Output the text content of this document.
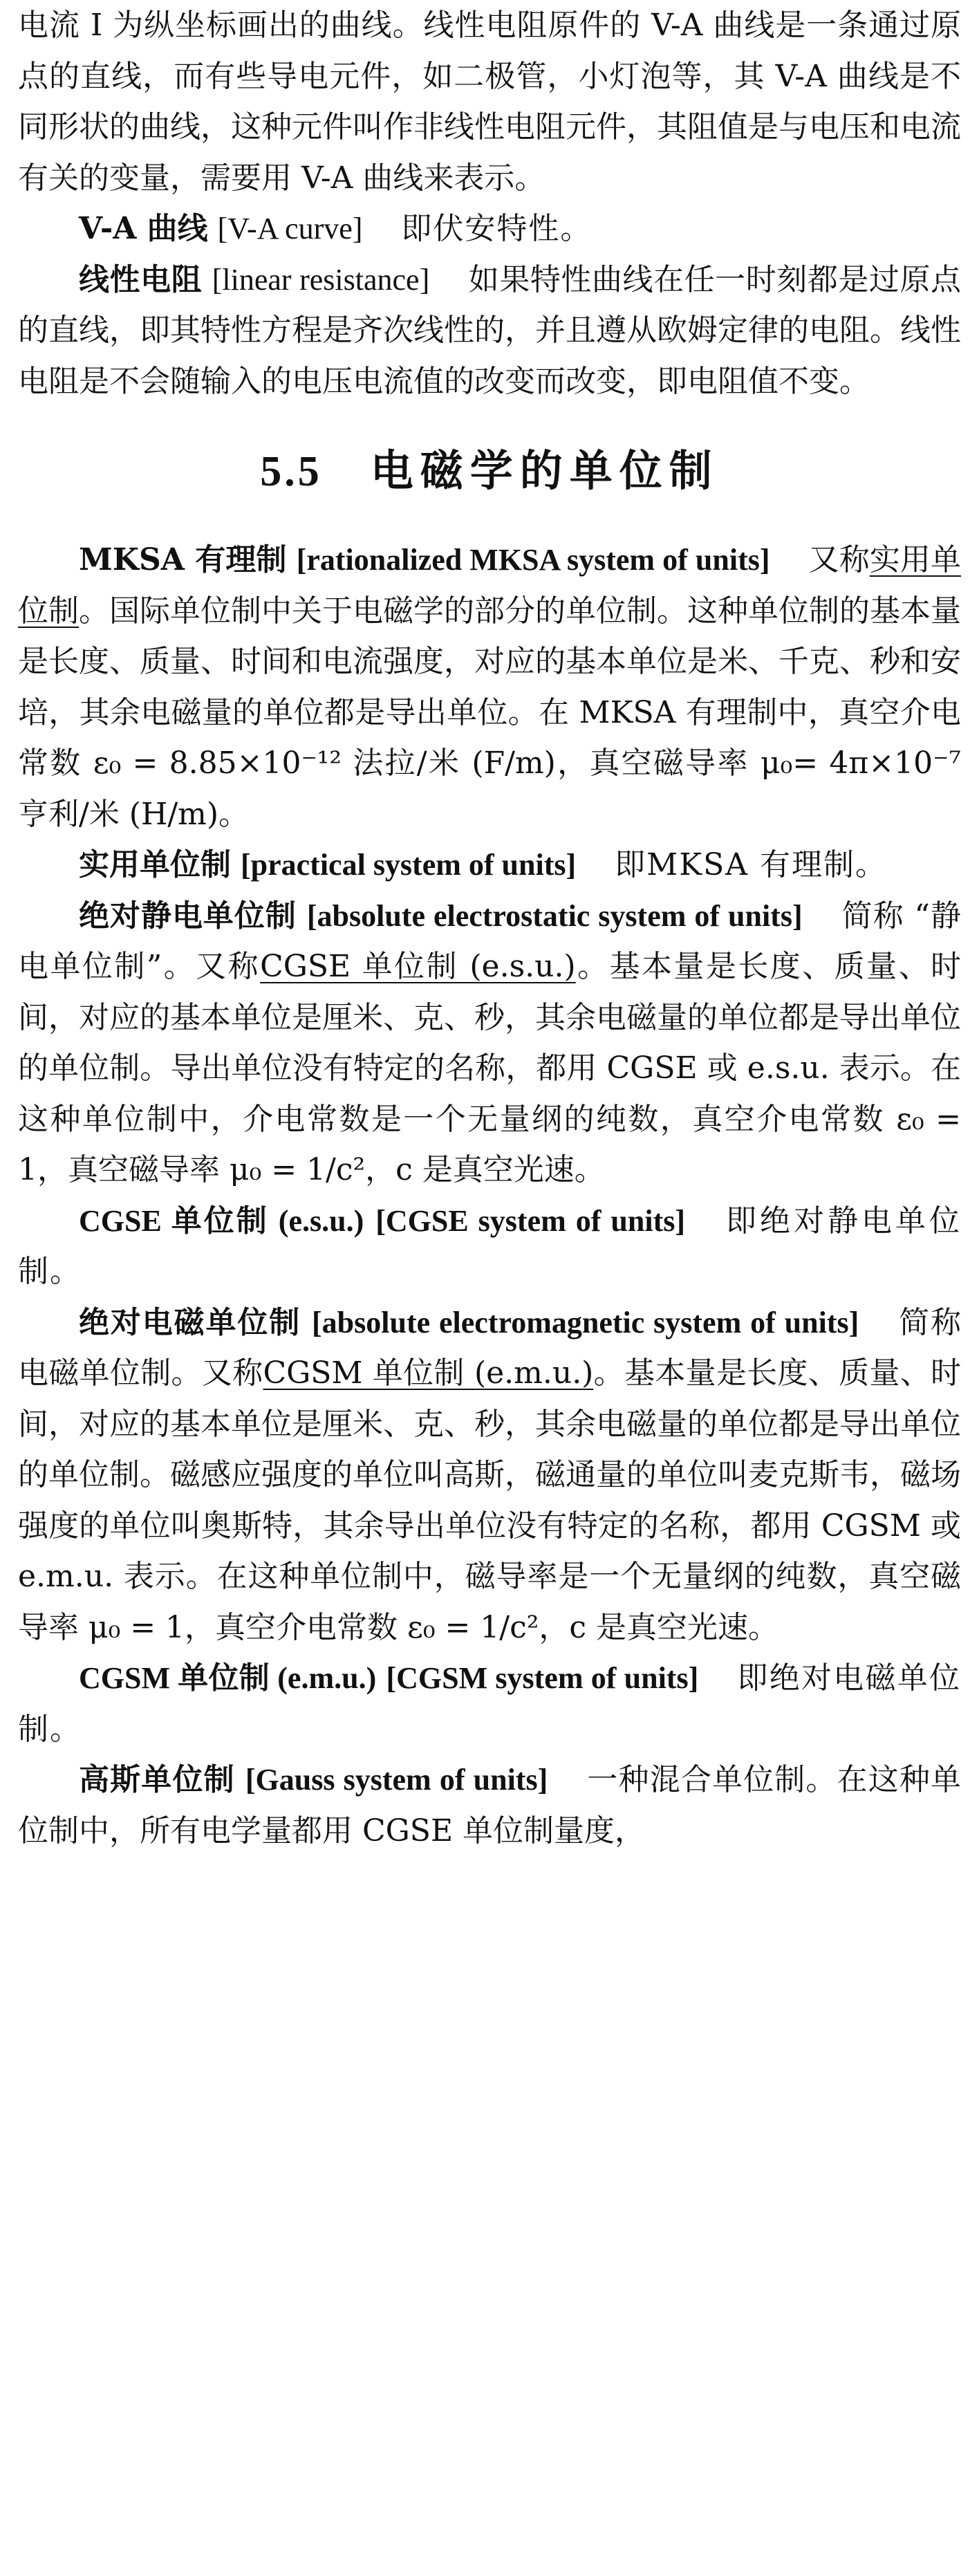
电流 I 为纵坐标画出的曲线。线性电阻原件的 V-A 曲线是一条通过原点的直线，而有些导电元件，如二极管，小灯泡等，其 V-A 曲线是不同形状的曲线，这种元件叫作非线性电阻元件，其阻值是与电压和电流有关的变量，需要用 V-A 曲线来表示。

V-A 曲线 [V-A curve] 即伏安特性。

线性电阻 [linear resistance] 如果特性曲线在任一时刻都是过原点的直线，即其特性方程是齐次线性的，并且遵从欧姆定律的电阻。线性电阻是不会随输入的电压电流值的改变而改变，即电阻值不变。

5.5 电磁学的单位制

MKSA 有理制 [rationalized MKSA system of units] 又称实用单位制。国际单位制中关于电磁学的部分的单位制。这种单位制的基本量是长度、质量、时间和电流强度，对应的基本单位是米、千克、秒和安培，其余电磁量的单位都是导出单位。在 MKSA 有理制中，真空介电常数 ε₀ = 8.85×10⁻¹² 法拉/米 (F/m)，真空磁导率 μ₀= 4π×10⁻⁷ 亨利/米 (H/m)。

实用单位制 [practical system of units] 即MKSA 有理制。

绝对静电单位制 [absolute electrostatic system of units] 简称 “静电单位制”。又称CGSE 单位制 (e.s.u.)。基本量是长度、质量、时间，对应的基本单位是厘米、克、秒，其余电磁量的单位都是导出单位的单位制。导出单位没有特定的名称，都用 CGSE 或 e.s.u. 表示。在这种单位制中，介电常数是一个无量纲的纯数，真空介电常数 ε₀ = 1，真空磁导率 μ₀ = 1/c²，c 是真空光速。

CGSE 单位制 (e.s.u.) [CGSE system of units] 即绝对静电单位制。

绝对电磁单位制 [absolute electromagnetic system of units] 简称电磁单位制。又称CGSM 单位制 (e.m.u.)。基本量是长度、质量、时间，对应的基本单位是厘米、克、秒，其余电磁量的单位都是导出单位的单位制。磁感应强度的单位叫高斯，磁通量的单位叫麦克斯韦，磁场强度的单位叫奥斯特，其余导出单位没有特定的名称，都用 CGSM 或 e.m.u. 表示。在这种单位制中，磁导率是一个无量纲的纯数，真空磁导率 μ₀ = 1，真空介电常数 ε₀ = 1/c²，c 是真空光速。

CGSM 单位制 (e.m.u.) [CGSM system of units] 即绝对电磁单位制。

高斯单位制 [Gauss system of units] 一种混合单位制。在这种单位制中，所有电学量都用 CGSE 单位制量度，
